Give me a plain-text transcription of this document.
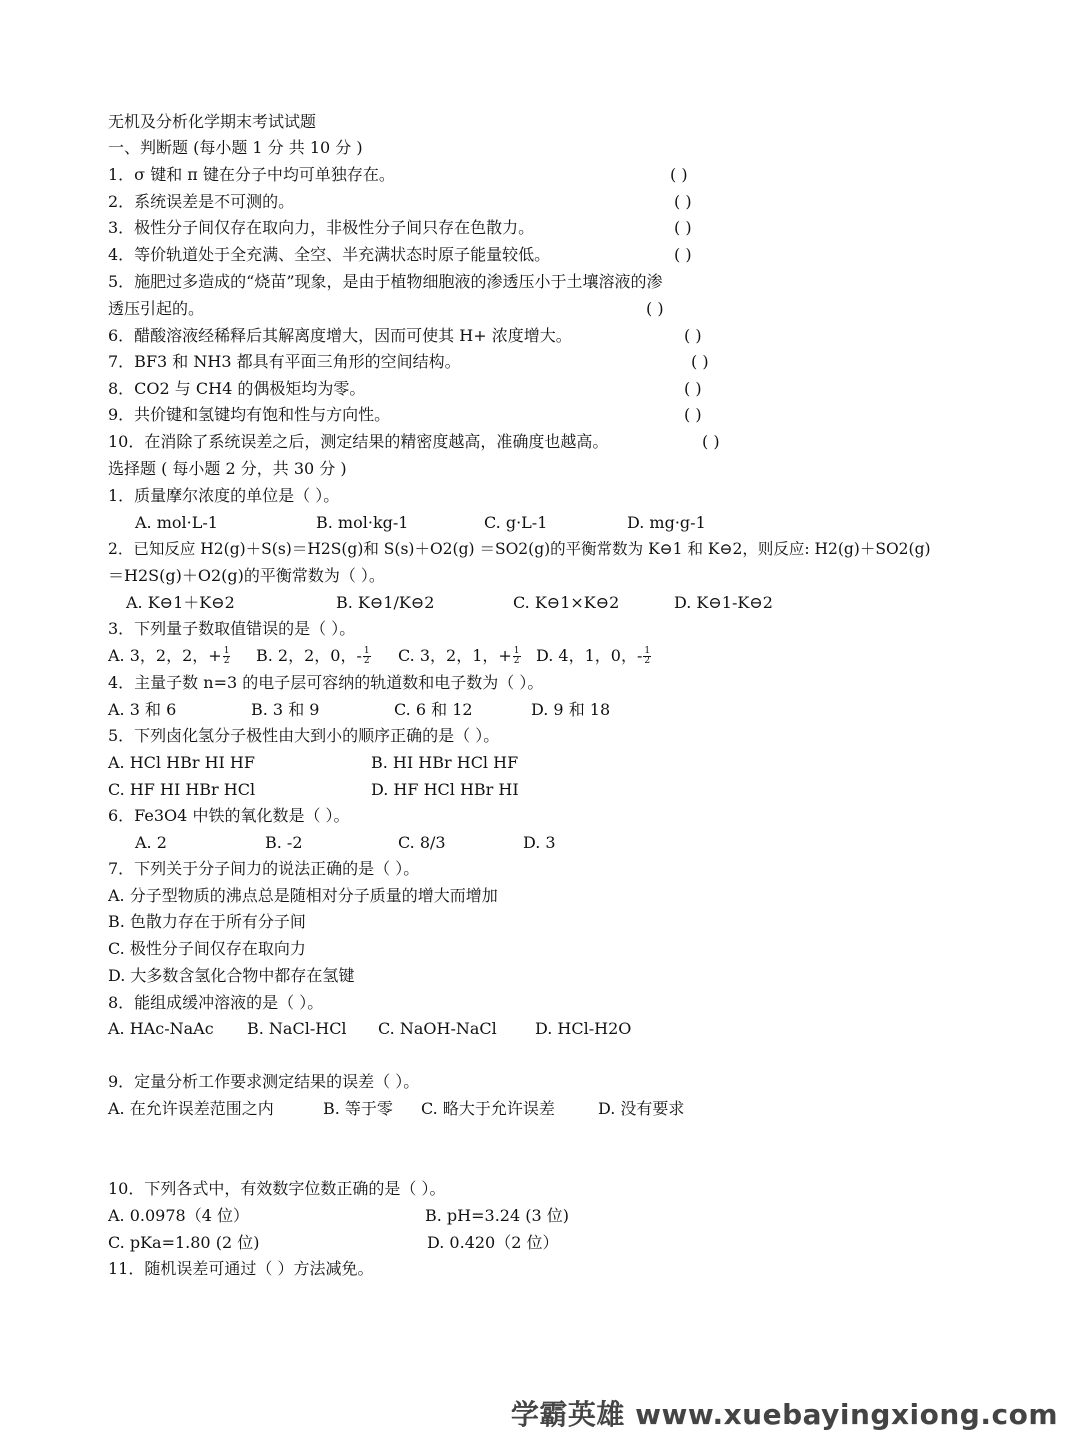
无机及分析化学期末考试试题
一、判断题 (每小题 1 分 共 10 分 )
1．σ 键和 π 键在分子中均可单独存在。	( )
2．系统误差是不可测的。	( )
3．极性分子间仅存在取向力，非极性分子间只存在色散力。	( )
4．等价轨道处于全充满、全空、半充满状态时原子能量较低。	( )
5．施肥过多造成的“烧苗”现象，是由于植物细胞液的渗透压小于土壤溶液的渗
透压引起的。	( )
6．醋酸溶液经稀释后其解离度增大，因而可使其 H+ 浓度增大。	( )
7．BF3 和 NH3 都具有平面三角形的空间结构。	( )
8．CO2 与 CH4 的偶极矩均为零。	( )
9．共价键和氢键均有饱和性与方向性。	( )
10．在消除了系统误差之后，测定结果的精密度越高，准确度也越高。	( )
选择题 ( 每小题 2 分，共 30 分 )
1．质量摩尔浓度的单位是（ ）。
A. mol·L-1	B. mol·kg-1	C. g·L-1	D. mg·g-1
2．已知反应 H2(g)＋S(s)＝H2S(g)和 S(s)＋O2(g) ＝SO2(g)的平衡常数为 K⊖1 和 K⊖2，则反应: H2(g)＋SO2(g)
＝H2S(g)＋O2(g)的平衡常数为（ ）。
A. K⊖1＋K⊖2	B. K⊖1/K⊖2	C. K⊖1×K⊖2	D. K⊖1-K⊖2
3．下列量子数取值错误的是（ ）。
A. 3，2，2，+ $\frac{1}{2} B$. 2，2，0，- $\frac{1}{2} C$. 3，2，1，+ $\frac{1}{2} D$. 4，1，0，- $\frac{1}{2}$
4．主量子数 n=3 的电子层可容纳的轨道数和电子数为（ ）。
A. 3 和 6	B. 3 和 9	C. 6 和 12	D. 9 和 18
5．下列卤化氢分子极性由大到小的顺序正确的是（ ）。
A. HCl HBr HI HF	B. HI HBr HCl HF
C. HF HI HBr HCl	D. HF HCl HBr HI
6．Fe3O4 中铁的氧化数是（ ）。
A. 2	B. -2	C. 8/3	D. 3
7．下列关于分子间力的说法正确的是（ ）。
A. 分子型物质的沸点总是随相对分子质量的增大而增加
B. 色散力存在于所有分子间
C. 极性分子间仅存在取向力
D. 大多数含氢化合物中都存在氢键
8．能组成缓冲溶液的是（ ）。
A. HAc-NaAc B. NaCl-HCl C. NaOH-NaCl D. HCl-H2O
9．定量分析工作要求测定结果的误差（ ）。
A. 在允许误差范围之内	B. 等于零 C. 略大于允许误差	D. 没有要求
10．下列各式中，有效数字位数正确的是（ ）。
A. 0.0978（4 位）	B. pH=3.24 (3 位)
C. pKa=1.80 (2 位)	D. 0.420（2 位）
11．随机误差可通过（ ）方法减免。
学霸英雄 www.xuebayingxiong.com
